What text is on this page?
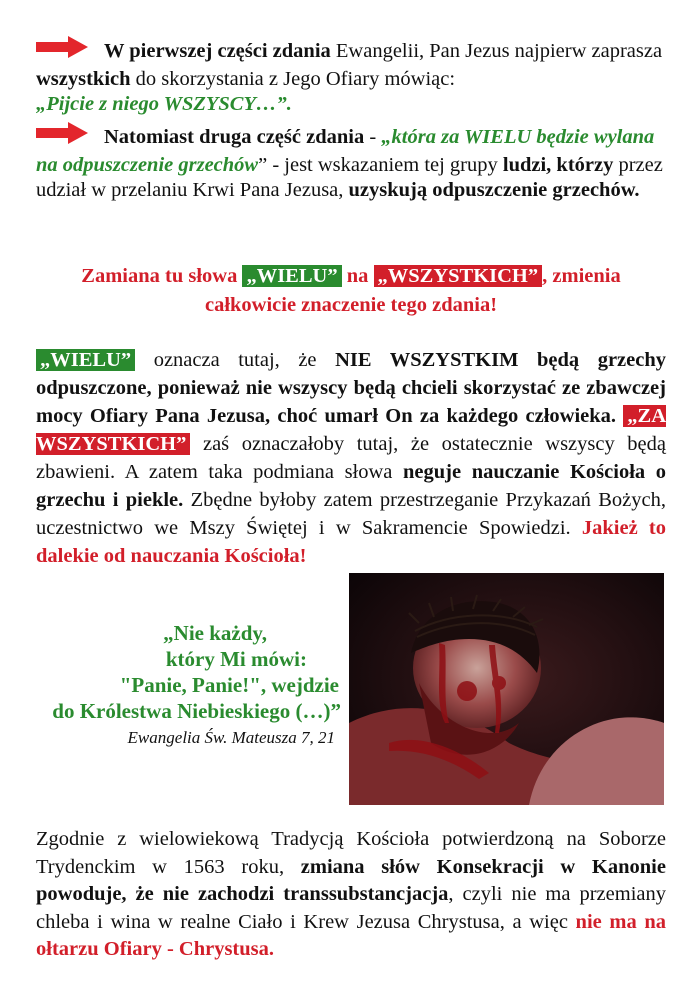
W pierwszej części zdania Ewangelii, Pan Jezus najpierw zaprasza wszystkich do skorzystania z Jego Ofiary mówiąc:
„Pijcie z niego WSZYSCY…”.
Natomiast druga część zdania - „która za WIELU będzie wylana na odpuszczenie grzechów” - jest wskazaniem tej grupy ludzi, którzy przez udział w przelaniu Krwi Pana Jezusa, uzyskują odpuszczenie grzechów.
Zamiana tu słowa „WIELU” na „WSZYSTKICH” , zmienia całkowicie znaczenie tego zdania!
„WIELU” oznacza tutaj, że NIE WSZYSTKIM będą grzechy odpuszczone, ponieważ nie wszyscy będą chcieli skorzystać ze zbawczej mocy Ofiary Pana Jezusa, choć umarł On za każdego człowieka. „ZA WSZYSTKICH” zaś oznaczałoby tutaj, że ostatecznie wszyscy będą zbawieni. A zatem taka podmiana słowa neguje nauczanie Kościoła o grzechu i piekle. Zbędne byłoby zatem przestrzeganie Przykazań Bożych, uczestnictwo we Mszy Świętej i w Sakramencie Spowiedzi. Jakież to dalekie od nauczania Kościoła!
„Nie każdy,
który Mi mówi:
"Panie, Panie!", wejdzie
do Królestwa Niebieskiego (…)”
Ewangelia Św. Mateusza 7, 21
Zgodnie z wielowiekową Tradycją Kościoła potwierdzoną na Soborze Trydenckim w 1563 roku, zmiana słów Konsekracji w Kanonie powoduje, że nie zachodzi transsubstancjacja, czyli nie ma przemiany chleba i wina w realne Ciało i Krew Jezusa Chrystusa, a więc nie ma na ołtarzu Ofiary - Chrystusa.
